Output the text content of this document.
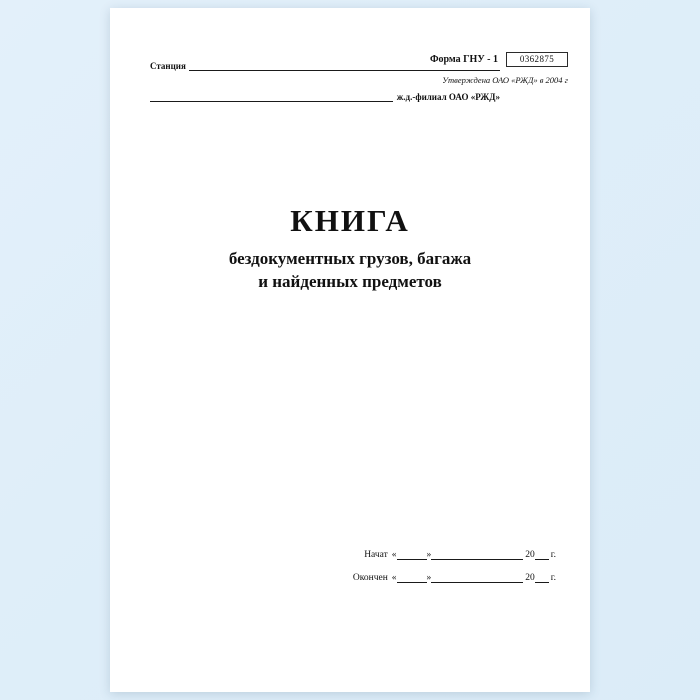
Станция
ж.д.-филиал ОАО «РЖД»
Форма ГНУ - 1	0362875
Утверждена ОАО «РЖД» в 2004 г
КНИГА
бездокументных грузов, багажа
и найденных предметов
Начат «	»	20 г.
Окончен «	»	20 г.
